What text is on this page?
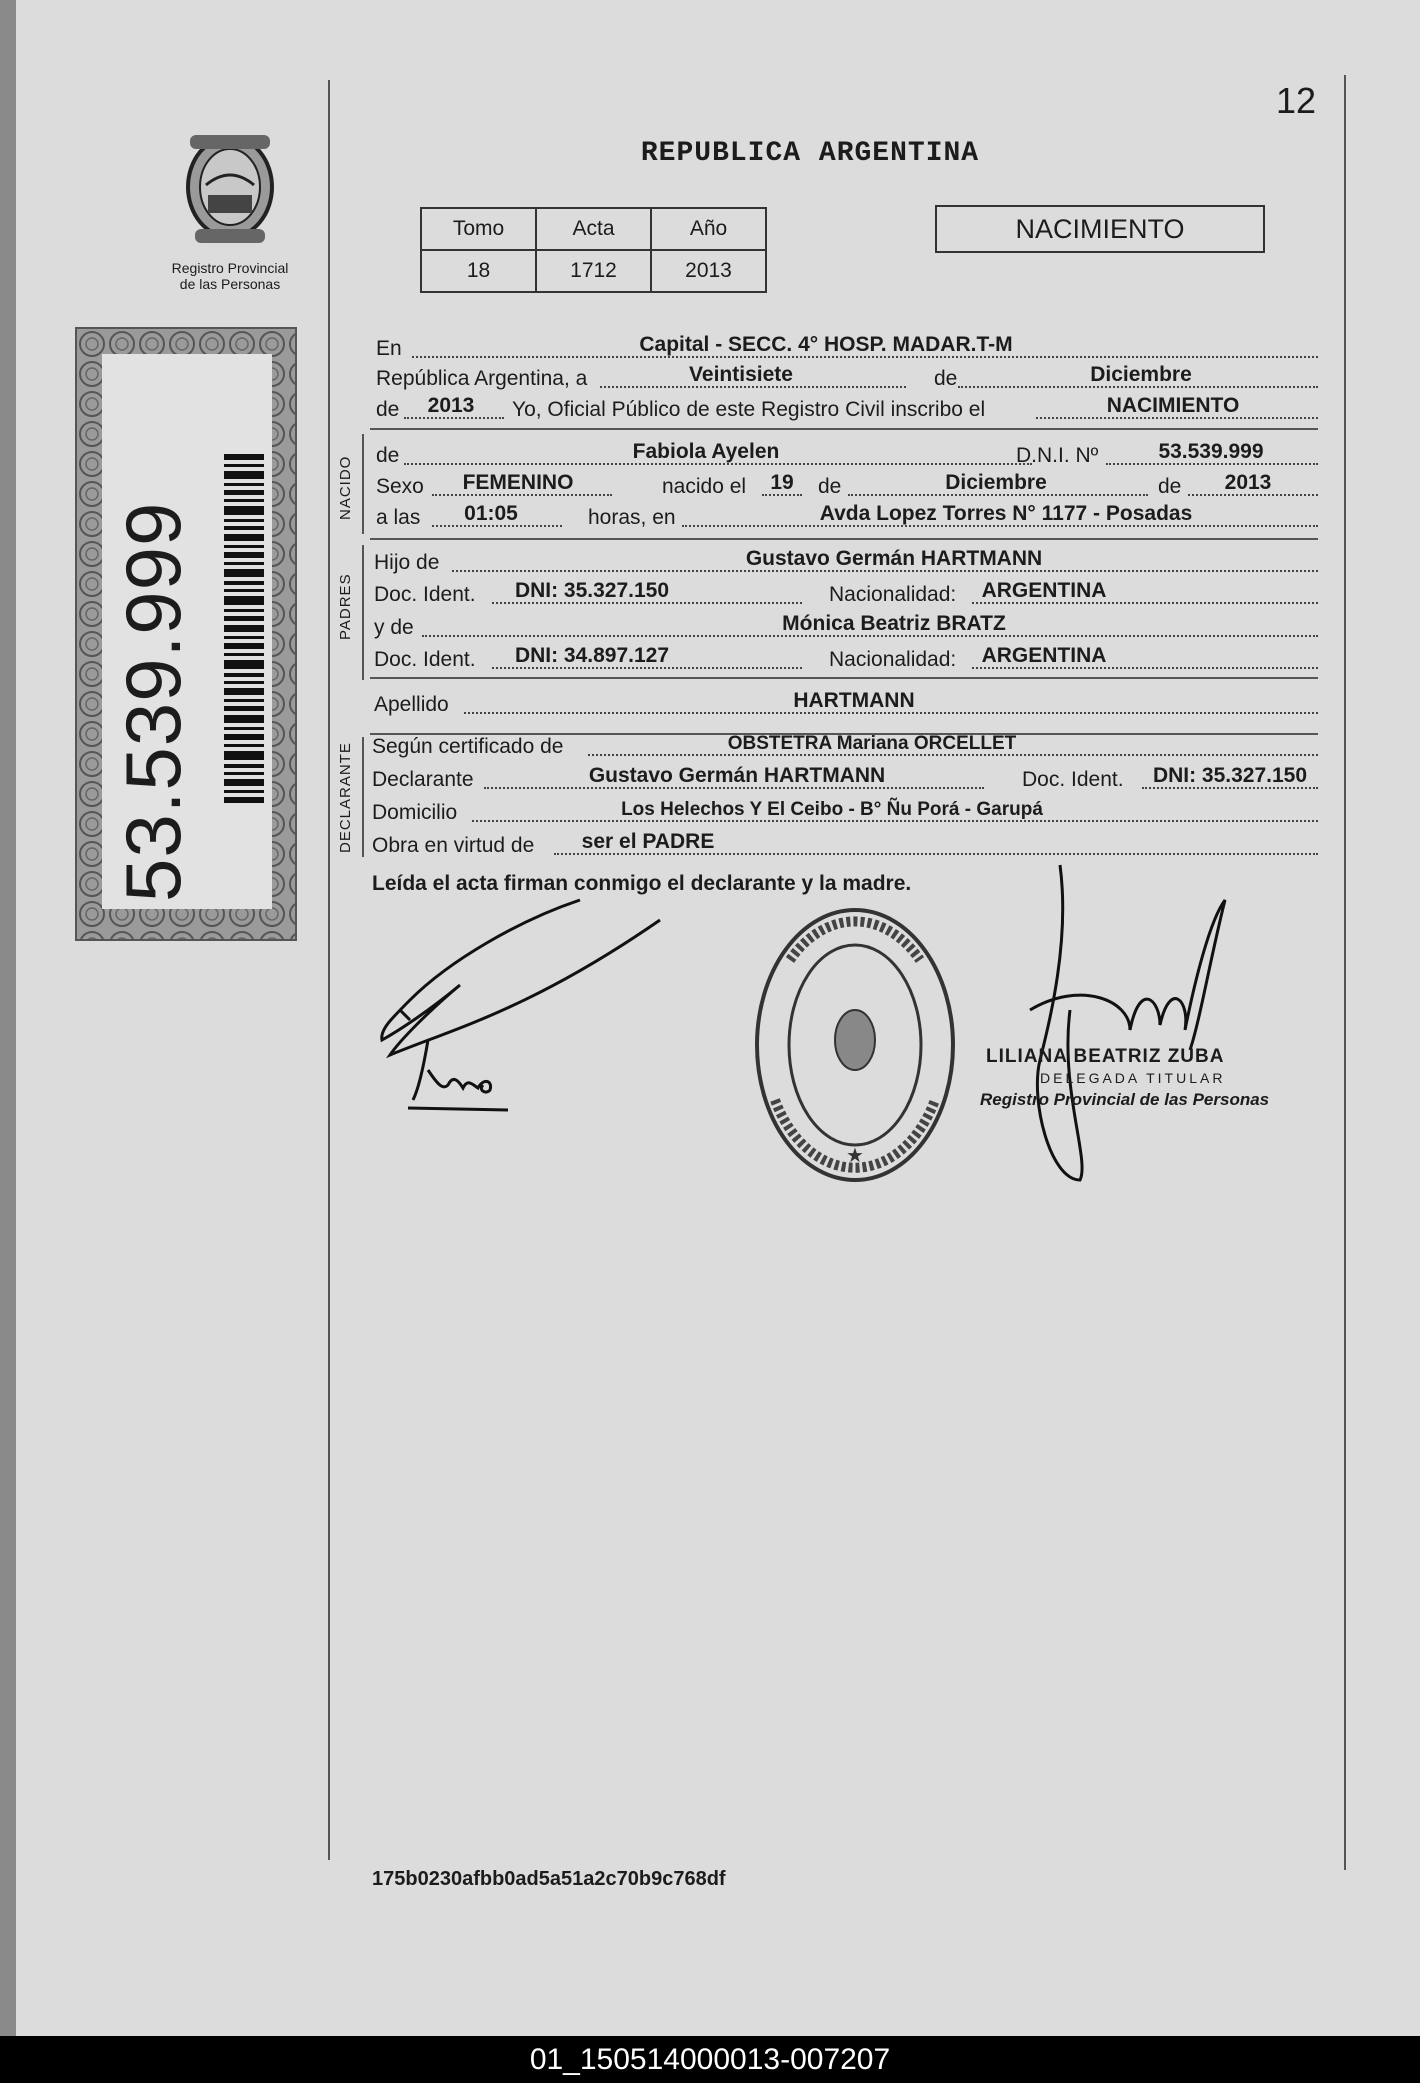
12
Registro Provincial
de las Personas
53.539.999
REPUBLICA ARGENTINA
Tomo	Acta	Año
18	1712	2013
NACIMIENTO
NACIDO
PADRES
DECLARANTE
En	Capital - SECC. 4° HOSP. MADAR.T-M
República Argentina, a	Veintisiete	de	Diciembre
de	2013	Yo, Oficial Público de este Registro Civil inscribo el	NACIMIENTO
de	Fabiola Ayelen	D.N.I. Nº	53.539.999
Sexo	FEMENINO	nacido el	19	de	Diciembre	de	2013
a las	01:05	horas, en	Avda Lopez Torres N° 1177 - Posadas
Hijo de	Gustavo Germán HARTMANN
Doc. Ident.	DNI: 35.327.150	Nacionalidad:	ARGENTINA
y de	Mónica Beatriz BRATZ
Doc. Ident.	DNI: 34.897.127	Nacionalidad:	ARGENTINA
Apellido	HARTMANN
Según certificado de	OBSTETRA Mariana ORCELLET
Declarante	Gustavo Germán HARTMANN	Doc. Ident.	DNI: 35.327.150
Domicilio	Los Helechos Y El Ceibo - B° Ñu Porá - Garupá
Obra en virtud de	ser el PADRE
Leída el acta firman conmigo el declarante y la madre.
★
LILIANA BEATRIZ ZUBA
DELEGADA TITULAR
Registro Provincial de las Personas
175b0230afbb0ad5a51a2c70b9c768df
01_150514000013-007207
